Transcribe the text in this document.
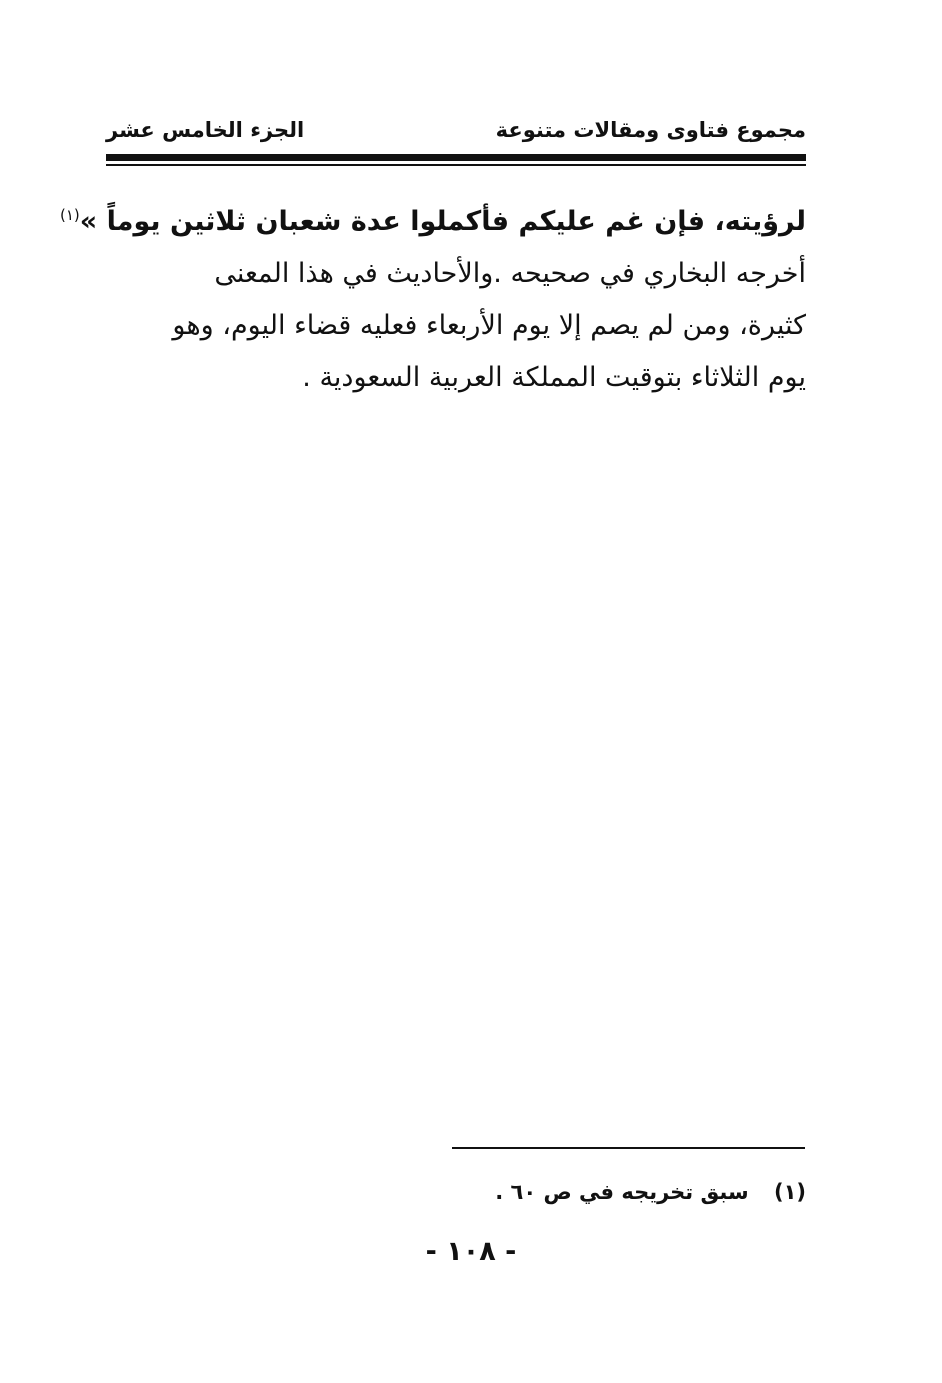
مجموع فتاوى ومقالات متنوعة
الجزء الخامس عشر
لرؤيته، فإن غم عليكم فأكملوا عدة شعبان ثلاثين يوماً »$^{(١)}$
أخرجه البخاري في صحيحه .والأحاديث في هذا المعنى
كثيرة، ومن لم يصم إلا يوم الأربعاء فعليه قضاء اليوم، وهو
يوم الثلاثاء بتوقيت المملكة العربية السعودية .
(١) سبق تخريجه في ص ٦٠ .
- ١٠٨ -
